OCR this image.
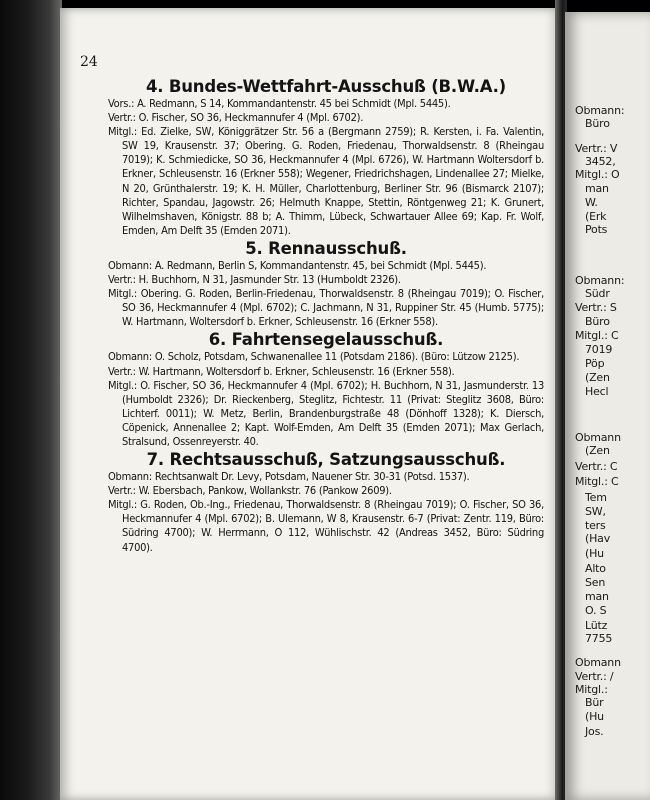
24
4. Bundes-Wettfahrt-Ausschuß (B.W.A.)

Vors.: A. Redmann, S 14, Kommandantenstr. 45 bei Schmidt (Mpl. 5445).

Vertr.: O. Fischer, SO 36, Heckmannufer 4 (Mpl. 6702).

Mitgl.: Ed. Zielke, SW, Königgrätzer Str. 56 a (Bergmann 2759); R. Kersten, i. Fa. Valentin, SW 19, Krausenstr. 37; Obering. G. Roden, Friedenau, Thorwaldsenstr. 8 (Rheingau 7019); K. Schmiedicke, SO 36, Heckmannufer 4 (Mpl. 6726), W. Hartmann Woltersdorf b. Erkner, Schleusenstr. 16 (Erkner 558); Wegener, Friedrichshagen, Lindenallee 27; Mielke, N 20, Grünthalerstr. 19; K. H. Müller, Charlottenburg, Berliner Str. 96 (Bismarck 2107); Richter, Spandau, Jagowstr. 26; Helmuth Knappe, Stettin, Röntgenweg 21; K. Grunert, Wilhelmshaven, Königstr. 88 b; A. Thimm, Lübeck, Schwartauer Allee 69; Kap. Fr. Wolf, Emden, Am Delft 35 (Emden 2071).

5. Rennausschuß.

Obmann: A. Redmann, Berlin S, Kommandantenstr. 45, bei Schmidt (Mpl. 5445).

Vertr.: H. Buchhorn, N 31, Jasmunder Str. 13 (Humboldt 2326).

Mitgl.: Obering. G. Roden, Berlin-Friedenau, Thorwaldsenstr. 8 (Rheingau 7019); O. Fischer, SO 36, Heckmannufer 4 (Mpl. 6702); C. Jachmann, N 31, Ruppiner Str. 45 (Humb. 5775); W. Hartmann, Woltersdorf b. Erkner, Schleusenstr. 16 (Erkner 558).

6. Fahrtensegelausschuß.

Obmann: O. Scholz, Potsdam, Schwanenallee 11 (Potsdam 2186). (Büro: Lützow 2125).

Vertr.: W. Hartmann, Woltersdorf b. Erkner, Schleusenstr. 16 (Erkner 558).

Mitgl.: O. Fischer, SO 36, Heckmannufer 4 (Mpl. 6702); H. Buchhorn, N 31, Jasmunderstr. 13 (Humboldt 2326); Dr. Rieckenberg, Steglitz, Fichtestr. 11 (Privat: Steglitz 3608, Büro: Lichterf. 0011); W. Metz, Berlin, Brandenburgstraße 48 (Dönhoff 1328); K. Diersch, Cöpenick, Annenallee 2; Kapt. Wolf-Emden, Am Delft 35 (Emden 2071); Max Gerlach, Stralsund, Ossenreyerstr. 40.

7. Rechtsausschuß, Satzungsausschuß.

Obmann: Rechtsanwalt Dr. Levy, Potsdam, Nauener Str. 30-31 (Potsd. 1537).

Vertr.: W. Ebersbach, Pankow, Wollankstr. 76 (Pankow 2609).

Mitgl.: G. Roden, Ob.-Ing., Friedenau, Thorwaldsenstr. 8 (Rheingau 7019); O. Fischer, SO 36, Heckmannufer 4 (Mpl. 6702); B. Ulemann, W 8, Krausenstr. 6-7 (Privat: Zentr. 119, Büro: Südring 4700); W. Herrmann, O 112, Wühlischstr. 42 (Andreas 3452, Büro: Südring 4700).

Obmann:
Büro
Vertr.: V
3452,
Mitgl.: O
man
W.
(Erk
Pots
Obmann:
Südr
Vertr.: S
Büro
Mitgl.: C
7019
Pöp
(Zen
Hecl
Obmann
(Zen
Vertr.: C
Mitgl.: C
Tem
SW,
ters
(Hav
(Hu
Alto
Sen
man
O. S
Lütz
7755
Obmann
Vertr.: /
Mitgl.:
Bür
(Hu
Jos.
